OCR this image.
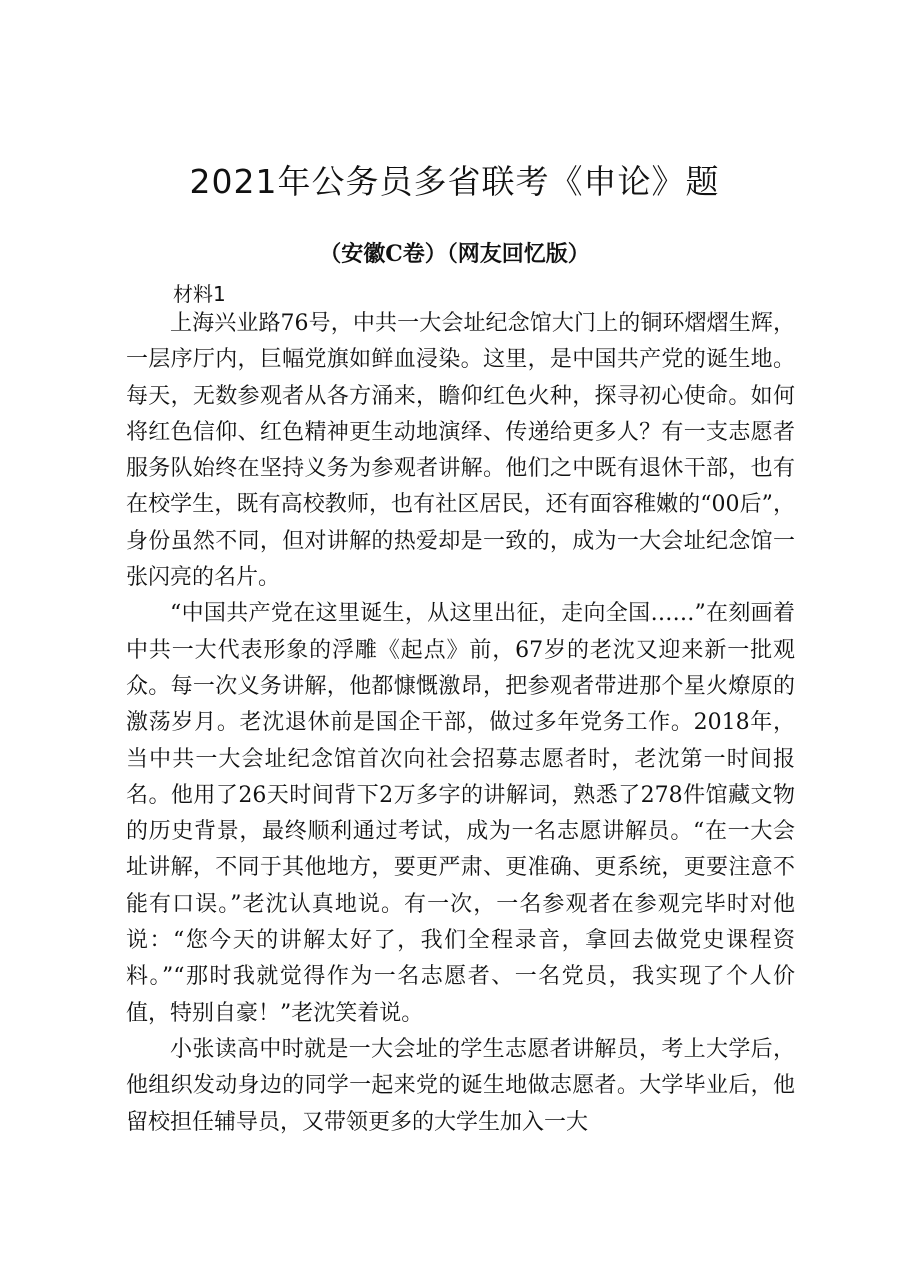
2021年公务员多省联考《申论》题
（安徽C卷）（网友回忆版）
材料1

上海兴业路76号，中共一大会址纪念馆大门上的铜环熠熠生辉，一层序厅内，巨幅党旗如鲜血浸染。这里，是中国共产党的诞生地。每天，无数参观者从各方涌来，瞻仰红色火种，探寻初心使命。如何将红色信仰、红色精神更生动地演绎、传递给更多人？有一支志愿者服务队始终在坚持义务为参观者讲解。他们之中既有退休干部，也有在校学生，既有高校教师，也有社区居民，还有面容稚嫩的“00后”，身份虽然不同，但对讲解的热爱却是一致的，成为一大会址纪念馆一张闪亮的名片。

“中国共产党在这里诞生，从这里出征，走向全国……”在刻画着中共一大代表形象的浮雕《起点》前，67岁的老沈又迎来新一批观众。每一次义务讲解，他都慷慨激昂，把参观者带进那个星火燎原的激荡岁月。老沈退休前是国企干部，做过多年党务工作。2018年，当中共一大会址纪念馆首次向社会招募志愿者时，老沈第一时间报名。他用了26天时间背下2万多字的讲解词，熟悉了278件馆藏文物的历史背景，最终顺利通过考试，成为一名志愿讲解员。“在一大会址讲解，不同于其他地方，要更严肃、更准确、更系统，更要注意不能有口误。”老沈认真地说。有一次，一名参观者在参观完毕时对他说：“您今天的讲解太好了，我们全程录音，拿回去做党史课程资料。”“那时我就觉得作为一名志愿者、一名党员，我实现了个人价值，特别自豪！”老沈笑着说。

小张读高中时就是一大会址的学生志愿者讲解员，考上大学后，他组织发动身边的同学一起来党的诞生地做志愿者。大学毕业后，他留校担任辅导员，又带领更多的大学生加入一大
